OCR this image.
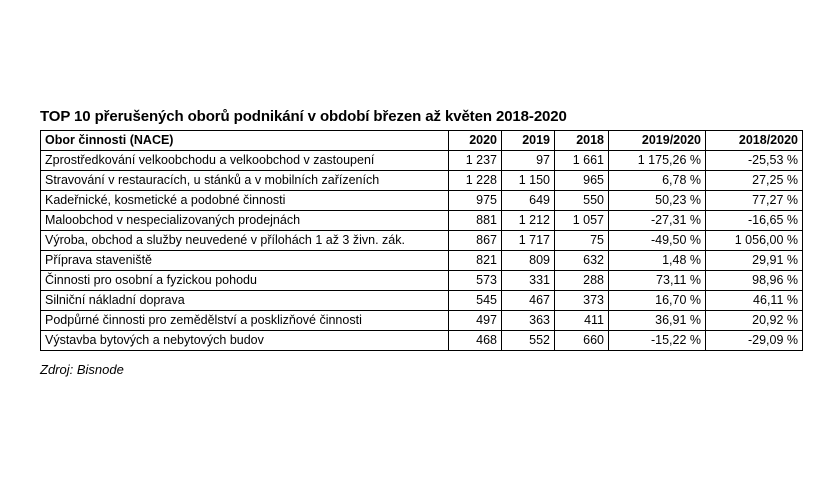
TOP 10 přerušených oborů podnikání v období březen až květen 2018-2020
Obor činnosti (NACE)	2020	2019	2018	2019/2020	2018/2020
Zprostředkování velkoobchodu a velkoobchod v zastoupení	1 237	97	1 661	1 175,26 %	-25,53 %
Stravování v restauracích, u stánků a v mobilních zařízeních	1 228	1 150	965	6,78 %	27,25 %
Kadeřnické, kosmetické a podobné činnosti	975	649	550	50,23 %	77,27 %
Maloobchod v nespecializovaných prodejnách	881	1 212	1 057	-27,31 %	-16,65 %
Výroba, obchod a služby neuvedené v přílohách 1 až 3 živn. zák.	867	1 717	75	-49,50 %	1 056,00 %
Příprava staveniště	821	809	632	1,48 %	29,91 %
Činnosti pro osobní a fyzickou pohodu	573	331	288	73,11 %	98,96 %
Silniční nákladní doprava	545	467	373	16,70 %	46,11 %
Podpůrné činnosti pro zemědělství a posklizňové činnosti	497	363	411	36,91 %	20,92 %
Výstavba bytových a nebytových budov	468	552	660	-15,22 %	-29,09 %
Zdroj: Bisnode
